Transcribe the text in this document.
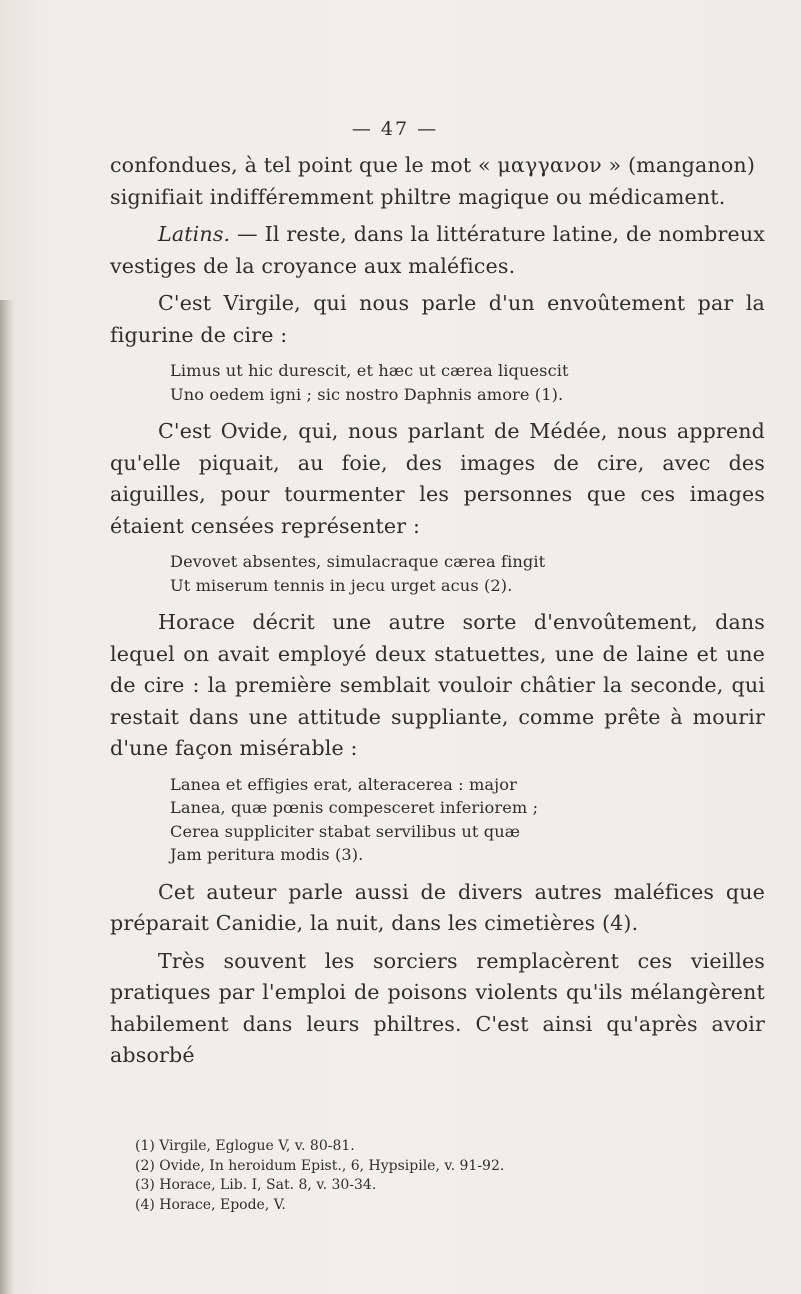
— 47 —

confondues, à tel point que le mot « μαγγανον » (manganon)
signifiait indifféremment philtre magique ou médicament.

Latins. — Il reste, dans la littérature latine, de nombreux vestiges de la croyance aux maléfices.

C'est Virgile, qui nous parle d'un envoûtement par la figurine de cire :

Limus ut hic durescit, et hæc ut cærea liquescit
Uno oedem igni ; sic nostro Daphnis amore (1).

C'est Ovide, qui, nous parlant de Médée, nous apprend qu'elle piquait, au foie, des images de cire, avec des aiguilles, pour tourmenter les personnes que ces images étaient censées représenter :

Devovet absentes, simulacraque cærea fingit
Ut miserum tennis in jecu urget acus (2).

Horace décrit une autre sorte d'envoûtement, dans lequel on avait employé deux statuettes, une de laine et une de cire : la première semblait vouloir châtier la seconde, qui restait dans une attitude suppliante, comme prête à mourir d'une façon misérable :

Lanea et effigies erat, alteracerea : major
Lanea, quæ pœnis compesceret inferiorem ;
Cerea suppliciter stabat servilibus ut quæ
Jam peritura modis (3).

Cet auteur parle aussi de divers autres maléfices que préparait Canidie, la nuit, dans les cimetières (4).

Très souvent les sorciers remplacèrent ces vieilles pratiques par l'emploi de poisons violents qu'ils mélangèrent habilement dans leurs philtres. C'est ainsi qu'après avoir absorbé

(1) Virgile, Eglogue V, v. 80-81.
(2) Ovide, In heroidum Epist., 6, Hypsipile, v. 91-92.
(3) Horace, Lib. I, Sat. 8, v. 30-34.
(4) Horace, Epode, V.
